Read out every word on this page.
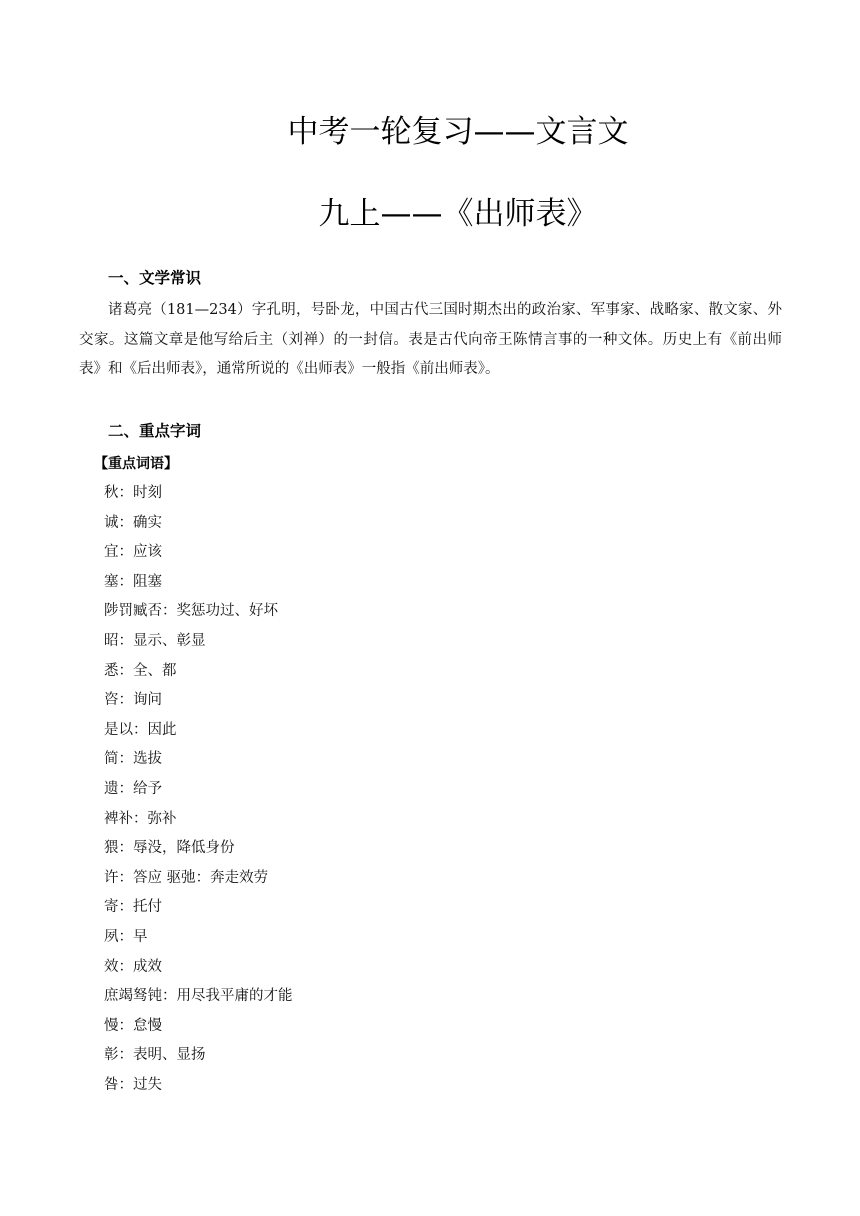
中考一轮复习——文言文
九上——《出师表》
一、文学常识
诸葛亮（181—234）字孔明，号卧龙，中国古代三国时期杰出的政治家、军事家、战略家、散文家、外交家。这篇文章是他写给后主（刘禅）的一封信。表是古代向帝王陈情言事的一种文体。历史上有《前出师表》和《后出师表》，通常所说的《出师表》一般指《前出师表》。
二、重点字词
【重点词语】
秋：时刻
诚：确实
宜：应该
塞：阻塞
陟罚臧否：奖惩功过、好坏
昭：显示、彰显
悉：全、都
咨：询问
是以：因此
简：选拔
遗：给予
裨补：弥补
猥：辱没，降低身份
许：答应 驱弛：奔走效劳
寄：托付
夙：早
效：成效
庶竭驽钝：用尽我平庸的才能
慢：怠慢
彰：表明、显扬
咎：过失
